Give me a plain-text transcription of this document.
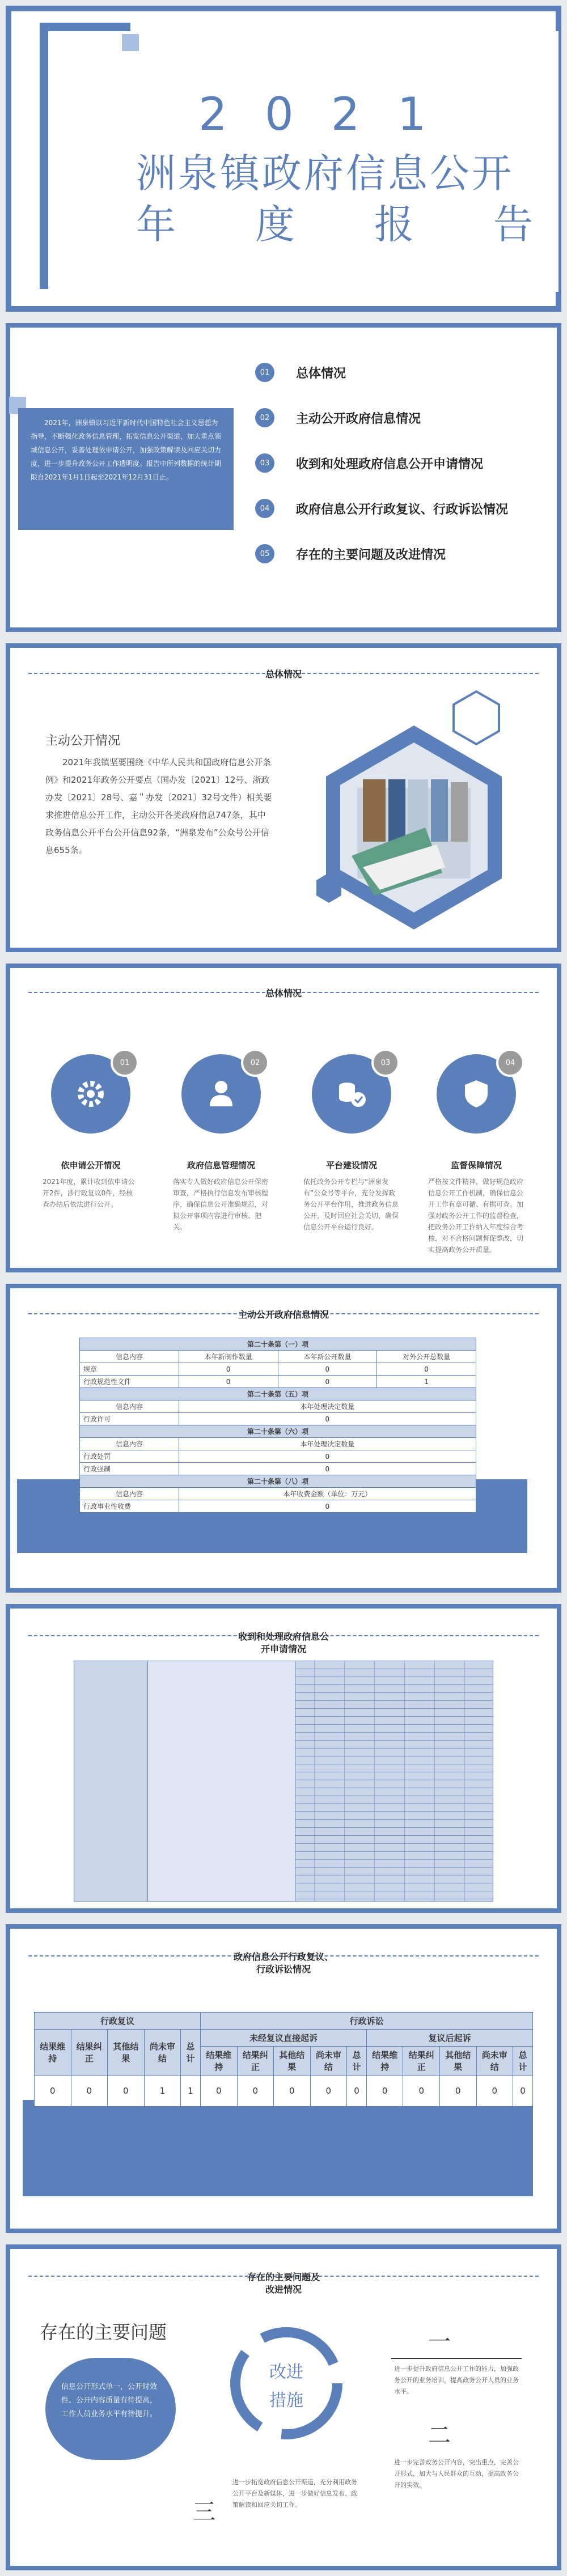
2021
洲泉镇政府信息公开
年 度 报 告

2021年，洲泉镇以习近平新时代中国特色社会主义思想为指导，不断强化政务信息管理，拓宽信息公开渠道，加大重点领域信息公开，妥善处理依申请公开，加强政策解读及回应关切力度，进一步提升政务公开工作透明度。报告中所列数据的统计期限自2021年1月1日起至2021年12月31日止。

01	总体情况
02	主动公开政府信息情况
03	收到和处理政府信息公开申请情况
04	政府信息公开行政复议、行政诉讼情况
05	存在的主要问题及改进情况
总体情况
主动公开情况

2021年我镇坚要围绕《中华人民共和国政府信息公开条例》和2021年政务公开要点（国办发〔2021〕12号、浙政办发〔2021〕28号、嘉＂办发〔2021〕32号文件）相关要求推进信息公开工作，主动公开各类政府信息747条，其中政务信息公开平台公开信息92条，“洲泉发布”公众号公开信息655条。

总体情况
01
依申请公开情况

2021年度，累计收到依申请公开2件，涉行政复议0件，经核查办结后依法进行公开。

02
政府信息管理情况

落实专人做好政府信息公开保密审查，严格执行信息发布审核程序，确保信息公开准确规范，对拟公开事项内容进行审核、把关。

03
平台建设情况

依托政务公开专栏与“洲泉发布”公众号等平台，充分发挥政务公开平台作用，推进政务信息公开，及时回应社会关切，确保信息公开平台运行良好。

04
监督保障情况

严格按文件精神，做好规范政府信息公开工作机制，确保信息公开工作有章可循、有据可查。加强对政务公开工作的监督检查，把政务公开工作纳入年度综合考核，对不合格问题督促整改，切实提高政务公开质量。

主动公开政府信息情况
第二十条第（一）项			
信息内容	本年新制作数量	本年新公开数量	对外公开总数量
规章	0	0	0
行政规范性文件	0	0	1
第二十条第（五）项			
信息内容	本年处理决定数量		
行政许可	0		
第二十条第（六）项			
信息内容	本年处理决定数量		
行政处罚	0		
行政强制	0		
第二十条第（八）项			
信息内容	本年收费金额（单位：万元）		
行政事业性收费	0		
收到和处理政府信息公
开申请情况
政府信息公开行政复议、
行政诉讼情况
行政复议					行政诉讼									
结果维持	结果纠正	其他结果	尚未审结	总计	未经复议直接起诉					复议后起诉				
					结果维持	结果纠正	其他结果	尚未审结	总计	结果维持	结果纠正	其他结果	尚未审结	总计
0	0	0	1	1	0	0	0	0	0	0	0	0	0	0
存在的主要问题及
改进情况
存在的主要问题

信息公开形式单一，公开时效性、公开内容质量有待提高，工作人员业务水平有待提升。

改进
措施
一

进一步提升政府信息公开工作的能力，加强政务公开的业务培训，提高政务公开人员的业务水平。

二

进一步完善政务公开内容，突出重点，完善公开形式，加大与人民群众的互动，提高政务公开的实效。

三

进一步拓宽政府信息公开渠道，充分利用政务公开平台及新媒体，进一步做好信息发布、政策解读和回应关切工作。
